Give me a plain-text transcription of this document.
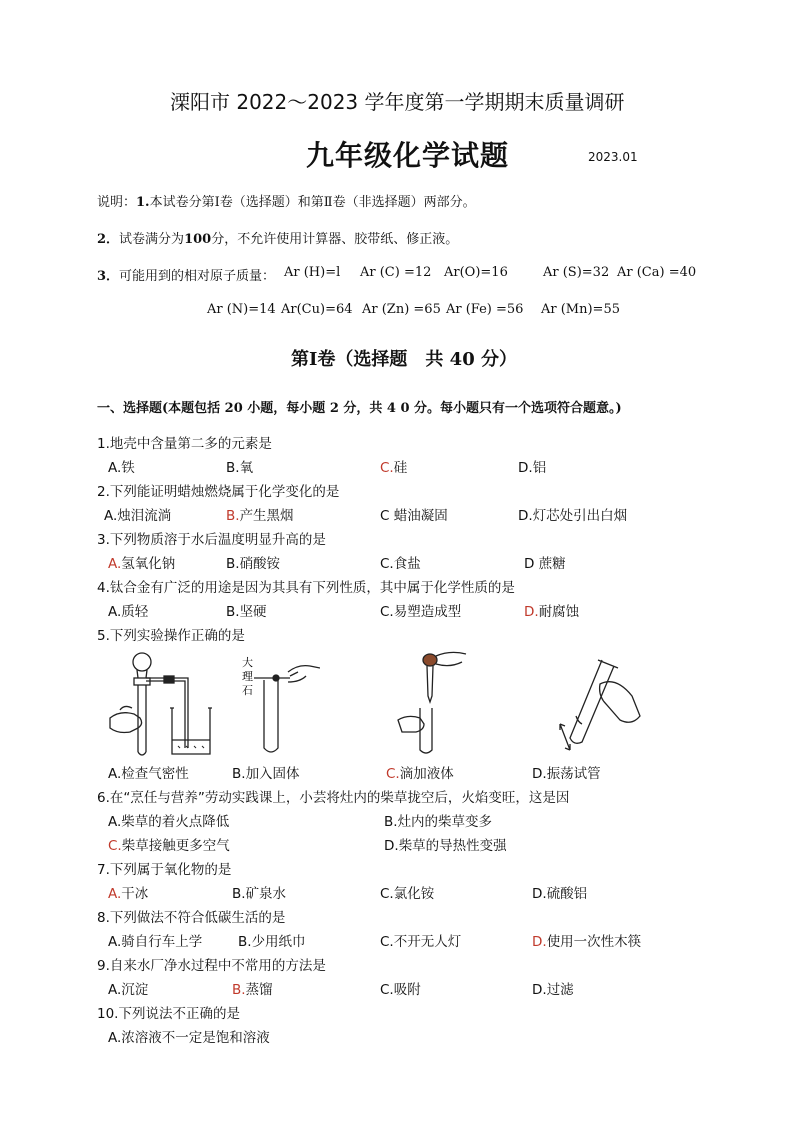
溧阳市 2022～2023 学年度第一学期期末质量调研
九年级化学试题	2023.01
说明：1.本试卷分第Ⅰ卷（选择题）和第Ⅱ卷（非选择题）两部分。
2．试卷满分为100分，不允许使用计算器、胶带纸、修正液。
3．可能用到的相对原子质量： Ar (H)=l Ar (C) =12 Ar(O)=16	Ar (S)=32 Ar (Ca) =40
Ar (N)=14 Ar(Cu)=64 Ar (Zn) =65 Ar (Fe) =56 Ar (Mn)=55
第Ⅰ卷（选择题　共 40 分）
一、选择题(本题包括 20 小题，每小题 2 分，共 4 0 分。每小题只有一个选项符合题意。)
1.地壳中含量第二多的元素是
A.铁	B.氧	C.硅	D.铝
2.下列能证明蜡烛燃烧属于化学变化的是
A.烛泪流淌	B.产生黑烟	C 蜡油凝固	D.灯芯处引出白烟
3.下列物质溶于水后温度明显升高的是
A.氢氧化钠	B.硝酸铵	C.食盐	D 蔗糖
4.钛合金有广泛的用途是因为其具有下列性质，其中属于化学性质的是
A.质轻	B.坚硬	C.易塑造成型	D.耐腐蚀
5.下列实验操作正确的是
大
理
石
A.检查气密性	B.加入固体	C.滴加液体	D.振荡试管
6.在“烹任与营养”劳动实践课上，小芸将灶内的柴草拢空后，火焰变旺，这是因
A.柴草的着火点降低	B.灶内的柴草变多
C.柴草接触更多空气	D.柴草的导热性变强
7.下列属于氧化物的是
A.干冰	B.矿泉水	C.氯化铵	D.硫酸铝
8.下列做法不符合低碳生活的是
A.骑自行车上学	B.少用纸巾	C.不开无人灯	D.使用一次性木筷
9.自来水厂净水过程中不常用的方法是
A.沉淀	B.蒸馏	C.吸附	D.过滤
10.下列说法不正确的是
A.浓溶液不一定是饱和溶液
